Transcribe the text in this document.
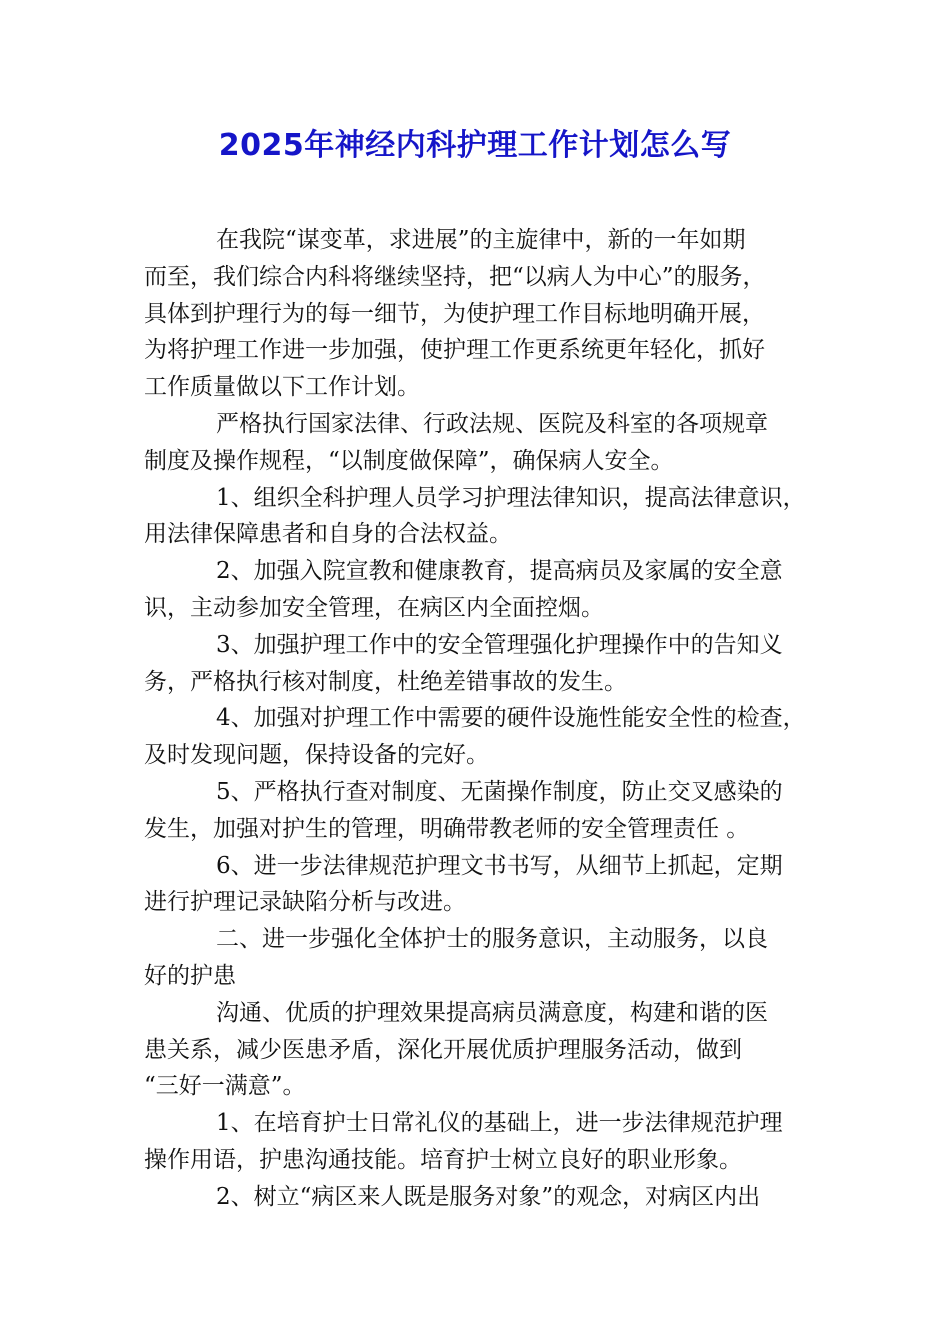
2025年神经内科护理工作计划怎么写
在我院“谋变革，求进展”的主旋律中，新的一年如期
而至，我们综合内科将继续坚持，把“以病人为中心”的服务，
具体到护理行为的每一细节，为使护理工作目标地明确开展，
为将护理工作进一步加强，使护理工作更系统更年轻化，抓好
工作质量做以下工作计划。
严格执行国家法律、行政法规、医院及科室的各项规章
制度及操作规程，“以制度做保障”，确保病人安全。
1、组织全科护理人员学习护理法律知识，提高法律意识，
用法律保障患者和自身的合法权益。
2、加强入院宣教和健康教育，提高病员及家属的安全意
识，主动参加安全管理，在病区内全面控烟。
3、加强护理工作中的安全管理强化护理操作中的告知义
务，严格执行核对制度，杜绝差错事故的发生。
4、加强对护理工作中需要的硬件设施性能安全性的检查，
及时发现问题，保持设备的完好。
5、严格执行查对制度、无菌操作制度，防止交叉感染的
发生，加强对护生的管理，明确带教老师的安全管理责任 。
6、进一步法律规范护理文书书写，从细节上抓起，定期
进行护理记录缺陷分析与改进。
二、进一步强化全体护士的服务意识，主动服务，以良
好的护患
沟通、优质的护理效果提高病员满意度，构建和谐的医
患关系，减少医患矛盾，深化开展优质护理服务活动，做到
“三好一满意”。
1、在培育护士日常礼仪的基础上，进一步法律规范护理
操作用语，护患沟通技能。培育护士树立良好的职业形象。
2、树立“病区来人既是服务对象”的观念，对病区内出
